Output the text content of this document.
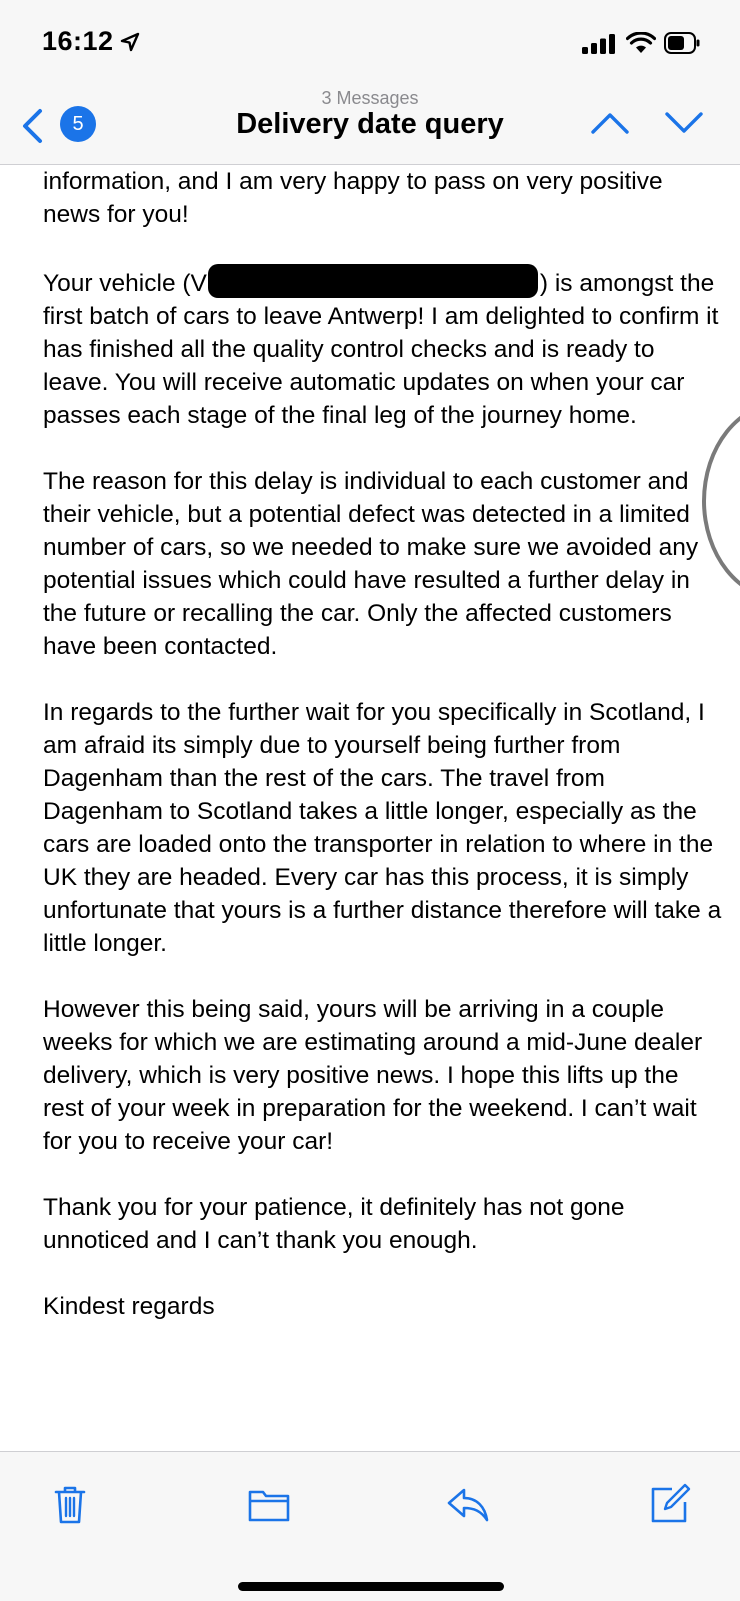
16:12
3 Messages
Delivery date query
5

information, and I am very happy to pass on very positive news for you!

Your vehicle (V	) is amongst the first batch of cars to leave Antwerp! I am delighted to confirm it has finished all the quality control checks and is ready to leave. You will receive automatic updates on when your car passes each stage of the final leg of the journey home.

The reason for this delay is individual to each customer and their vehicle, but a potential defect was detected in a limited number of cars, so we needed to make sure we avoided any potential issues which could have resulted a further delay in the future or recalling the car. Only the affected customers have been contacted.

In regards to the further wait for you specifically in Scotland, I am afraid its simply due to yourself being further from Dagenham than the rest of the cars. The travel from Dagenham to Scotland takes a little longer, especially as the cars are loaded onto the transporter in relation to where in the UK they are headed. Every car has this process, it is simply unfortunate that yours is a further distance therefore will take a little longer.

However this being said, yours will be arriving in a couple weeks for which we are estimating around a mid-June dealer delivery, which is very positive news. I hope this lifts up the rest of your week in preparation for the weekend. I can’t wait for you to receive your car!

Thank you for your patience, it definitely has not gone unnoticed and I can’t thank you enough.

Kindest regards
